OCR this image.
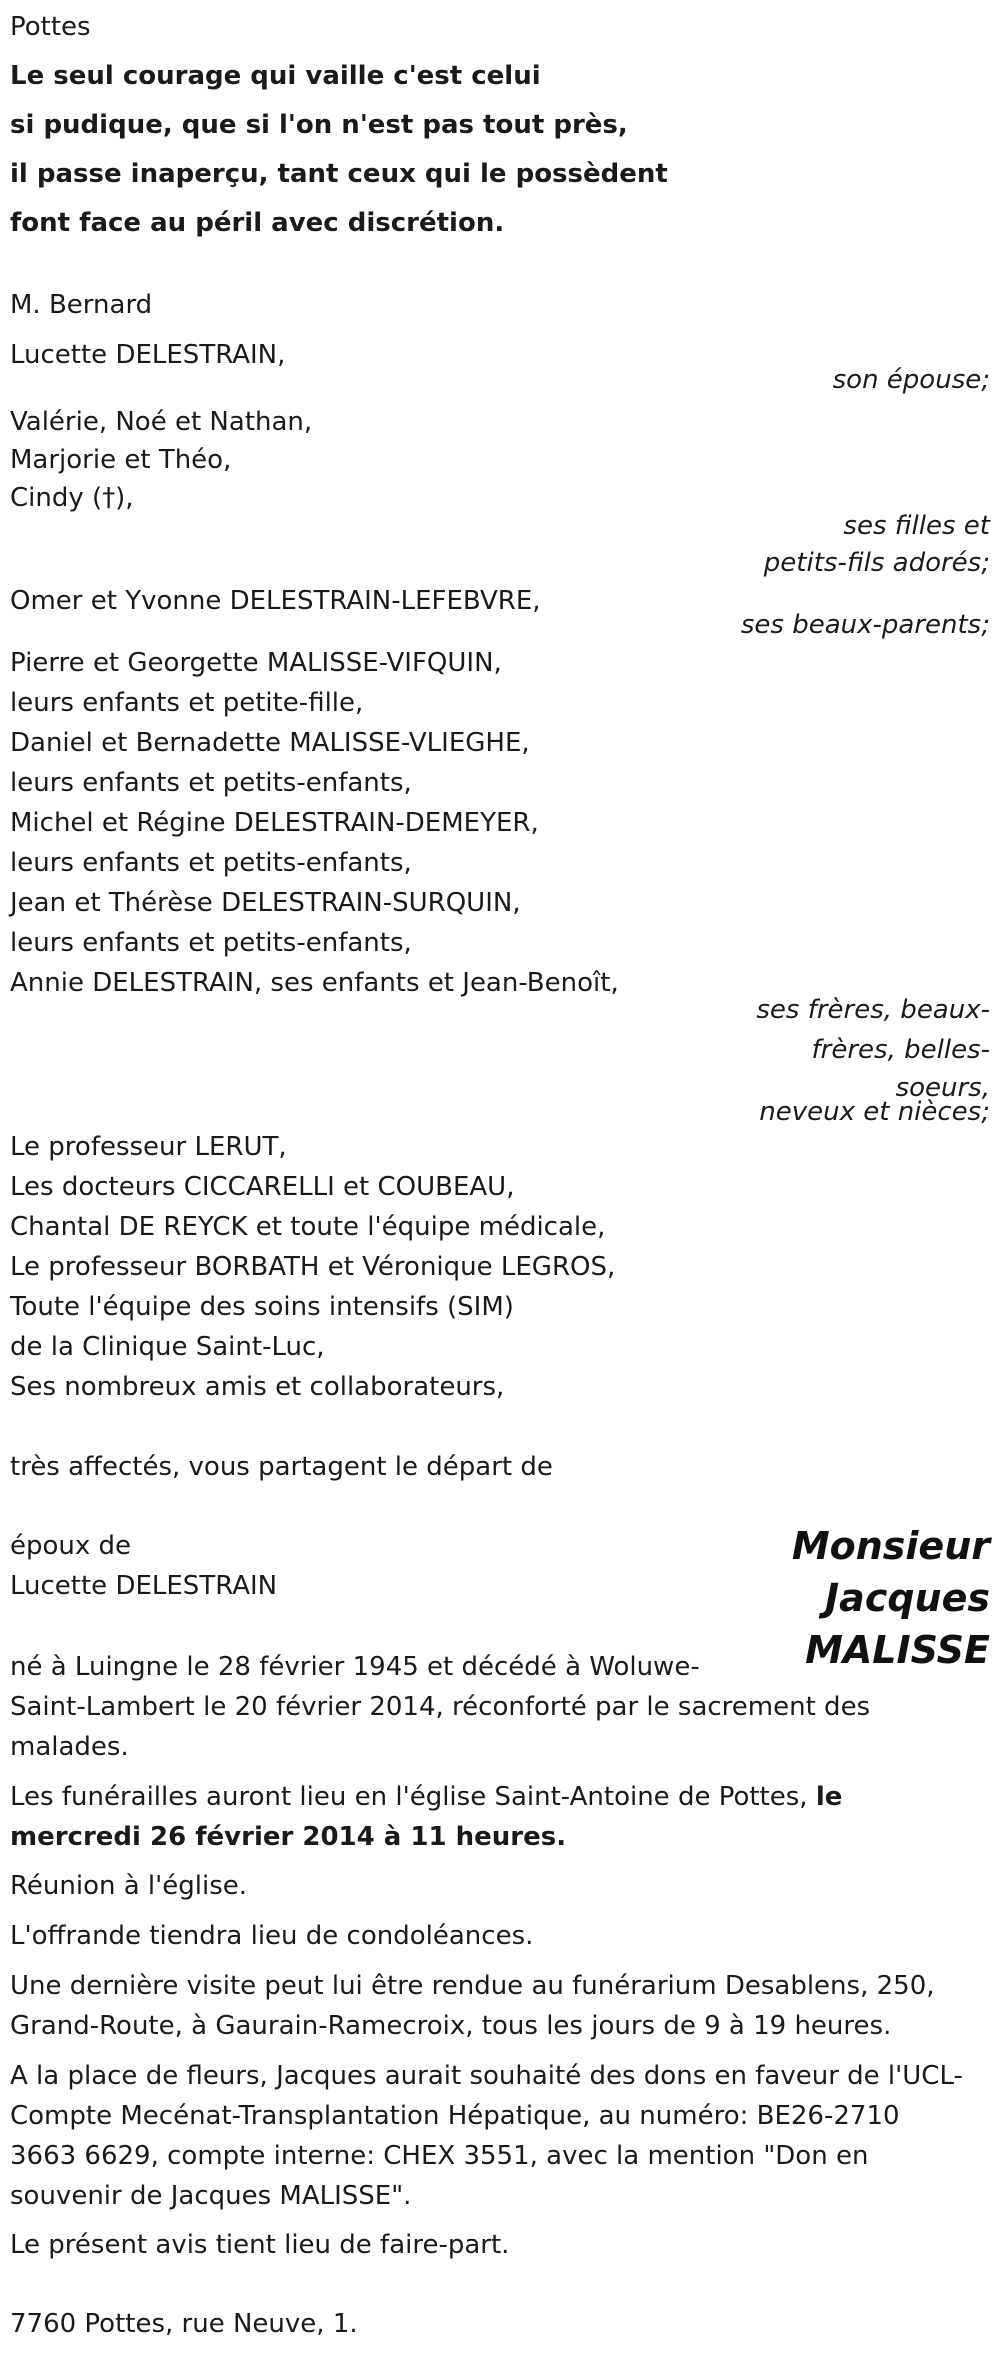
Pottes

Le seul courage qui vaille c'est celui

si pudique, que si l'on n'est pas tout près,

il passe inaperçu, tant ceux qui le possèdent

font face au péril avec discrétion.

M. Bernard

Lucette DELESTRAIN,

son épouse;

Valérie, Noé et Nathan,

Marjorie et Théo,

Cindy (†),

ses filles et

petits-fils adorés;

Omer et Yvonne DELESTRAIN-LEFEBVRE,

ses beaux-parents;

Pierre et Georgette MALISSE-VIFQUIN,

leurs enfants et petite-fille,

Daniel et Bernadette MALISSE-VLIEGHE,

leurs enfants et petits-enfants,

Michel et Régine DELESTRAIN-DEMEYER,

leurs enfants et petits-enfants,

Jean et Thérèse DELESTRAIN-SURQUIN,

leurs enfants et petits-enfants,

Annie DELESTRAIN, ses enfants et Jean-Benoît,

ses frères, beaux-

frères, belles-

soeurs,

neveux et nièces;

Le professeur LERUT,

Les docteurs CICCARELLI et COUBEAU,

Chantal DE REYCK et toute l'équipe médicale,

Le professeur BORBATH et Véronique LEGROS,

Toute l'équipe des soins intensifs (SIM)

de la Clinique Saint-Luc,

Ses nombreux amis et collaborateurs,

très affectés, vous partagent le départ de

époux de

Lucette DELESTRAIN

Monsieur
Jacques
MALISSE

né à Luingne le 28 février 1945 et décédé à Woluwe-

Saint-Lambert le 20 février 2014, réconforté par le sacrement des

malades.

Les funérailles auront lieu en l'église Saint-Antoine de Pottes, le

mercredi 26 février 2014 à 11 heures.

Réunion à l'église.

L'offrande tiendra lieu de condoléances.

Une dernière visite peut lui être rendue au funérarium Desablens, 250,

Grand-Route, à Gaurain-Ramecroix, tous les jours de 9 à 19 heures.

A la place de fleurs, Jacques aurait souhaité des dons en faveur de l'UCL-

Compte Mecénat-Transplantation Hépatique, au numéro: BE26-2710

3663 6629, compte interne: CHEX 3551, avec la mention "Don en

souvenir de Jacques MALISSE".

Le présent avis tient lieu de faire-part.

7760 Pottes, rue Neuve, 1.
